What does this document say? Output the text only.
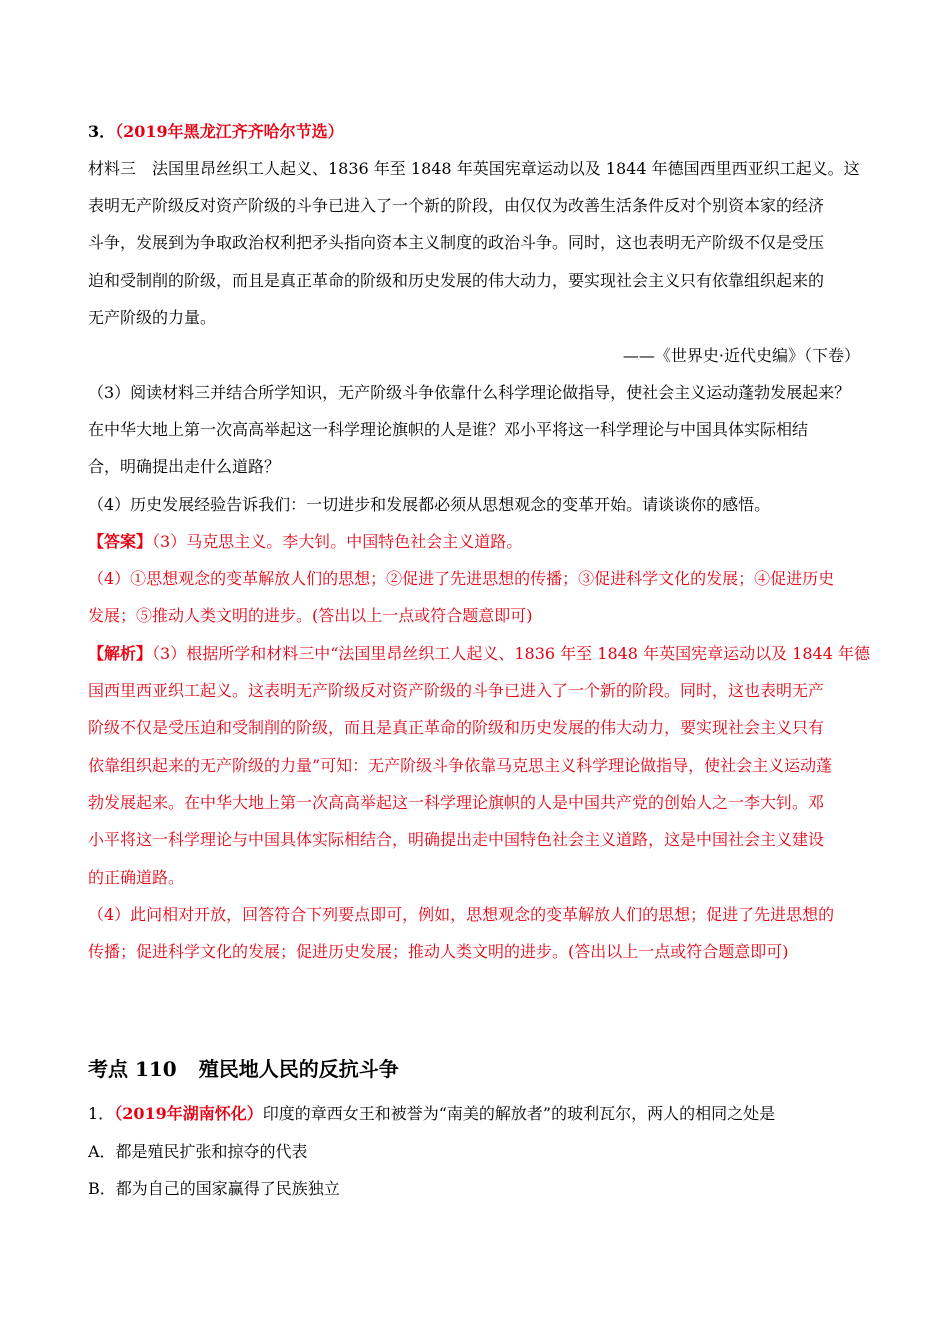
3．（2019年黑龙江齐齐哈尔节选）
材料三　法国里昂丝织工人起义、1836 年至 1848 年英国宪章运动以及 1844 年德国西里西亚织工起义。这
表明无产阶级反对资产阶级的斗争已进入了一个新的阶段，由仅仅为改善生活条件反对个别资本家的经济
斗争，发展到为争取政治权利把矛头指向资本主义制度的政治斗争。同时，这也表明无产阶级不仅是受压
迫和受制削的阶级，而且是真正革命的阶级和历史发展的伟大动力，要实现社会主义只有依靠组织起来的
无产阶级的力量。
——《世界史·近代史编》（下卷）
（3）阅读材料三并结合所学知识，无产阶级斗争依靠什么科学理论做指导，使社会主义运动蓬勃发展起来？
在中华大地上第一次高高举起这一科学理论旗帜的人是谁？邓小平将这一科学理论与中国具体实际相结
合，明确提出走什么道路？
（4）历史发展经验告诉我们：一切进步和发展都必须从思想观念的变革开始。请谈谈你的感悟。
【答案】（3）马克思主义。李大钊。中国特色社会主义道路。
（4）①思想观念的变革解放人们的思想；②促进了先进思想的传播；③促进科学文化的发展；④促进历史
发展；⑤推动人类文明的进步。(答出以上一点或符合题意即可)
【解析】（3）根据所学和材料三中“法国里昂丝织工人起义、1836 年至 1848 年英国宪章运动以及 1844 年德
国西里西亚织工起义。这表明无产阶级反对资产阶级的斗争已进入了一个新的阶段。同时，这也表明无产
阶级不仅是受压迫和受制削的阶级，而且是真正革命的阶级和历史发展的伟大动力，要实现社会主义只有
依靠组织起来的无产阶级的力量”可知：无产阶级斗争依靠马克思主义科学理论做指导，使社会主义运动蓬
勃发展起来。在中华大地上第一次高高举起这一科学理论旗帜的人是中国共产党的创始人之一李大钊。邓
小平将这一科学理论与中国具体实际相结合，明确提出走中国特色社会主义道路，这是中国社会主义建设
的正确道路。
（4）此问相对开放，回答符合下列要点即可，例如，思想观念的变革解放人们的思想；促进了先进思想的
传播；促进科学文化的发展；促进历史发展；推动人类文明的进步。(答出以上一点或符合题意即可)
考点 110 殖民地人民的反抗斗争
1．（2019年湖南怀化）印度的章西女王和被誉为“南美的解放者”的玻利瓦尔，两人的相同之处是
A．都是殖民扩张和掠夺的代表
B．都为自己的国家赢得了民族独立
